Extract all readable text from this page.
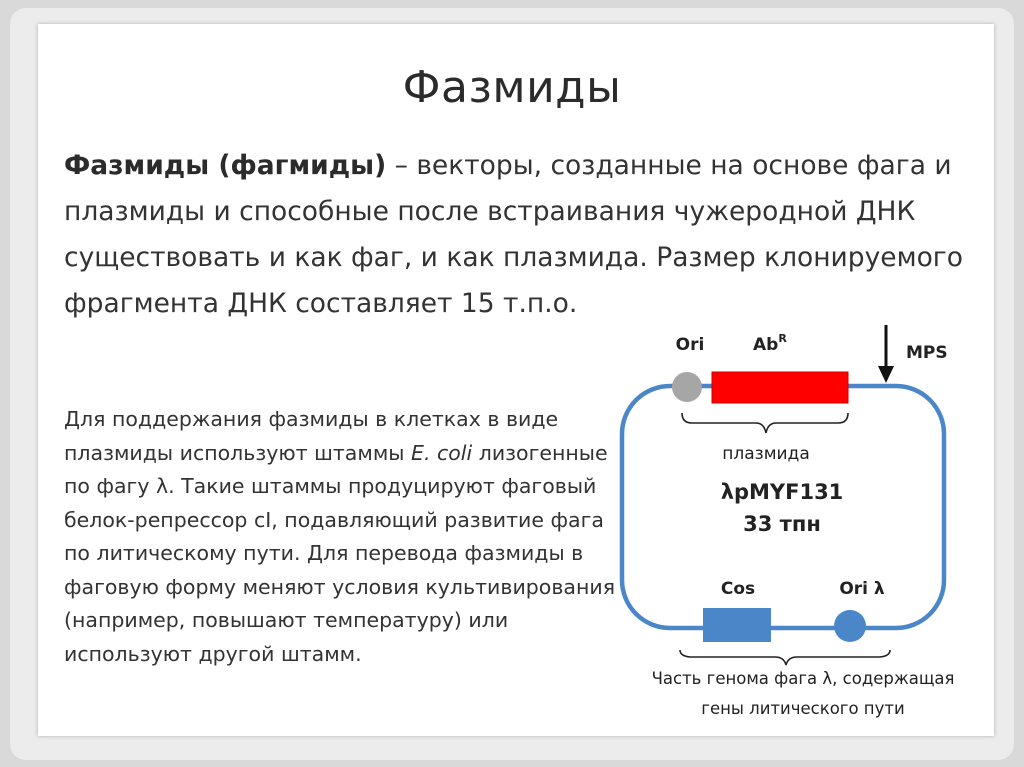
Фазмиды
Фазмиды (фагмиды) – векторы, созданные на основе фага и плазмиды и способные после встраивания чужеродной ДНК существовать и как фаг, и как плазмида. Размер клонируемого фрагмента ДНК составляет 15 т.п.о.
Для поддержания фазмиды в клетках в виде плазмиды используют штаммы E. coli лизогенные по фагу λ. Такие штаммы продуцируют фаговый белок-репрессор cI, подавляющий развитие фага по литическому пути. Для перевода фазмиды в фаговую форму меняют условия культивирования (например, повышают температуру) или используют другой штамм.
Ori	$Ab^R$
MPS
плазмида
λpMYF131
33 тпн
Cos	Ori λ
Часть генома фага λ, содержащая
гены литического пути
